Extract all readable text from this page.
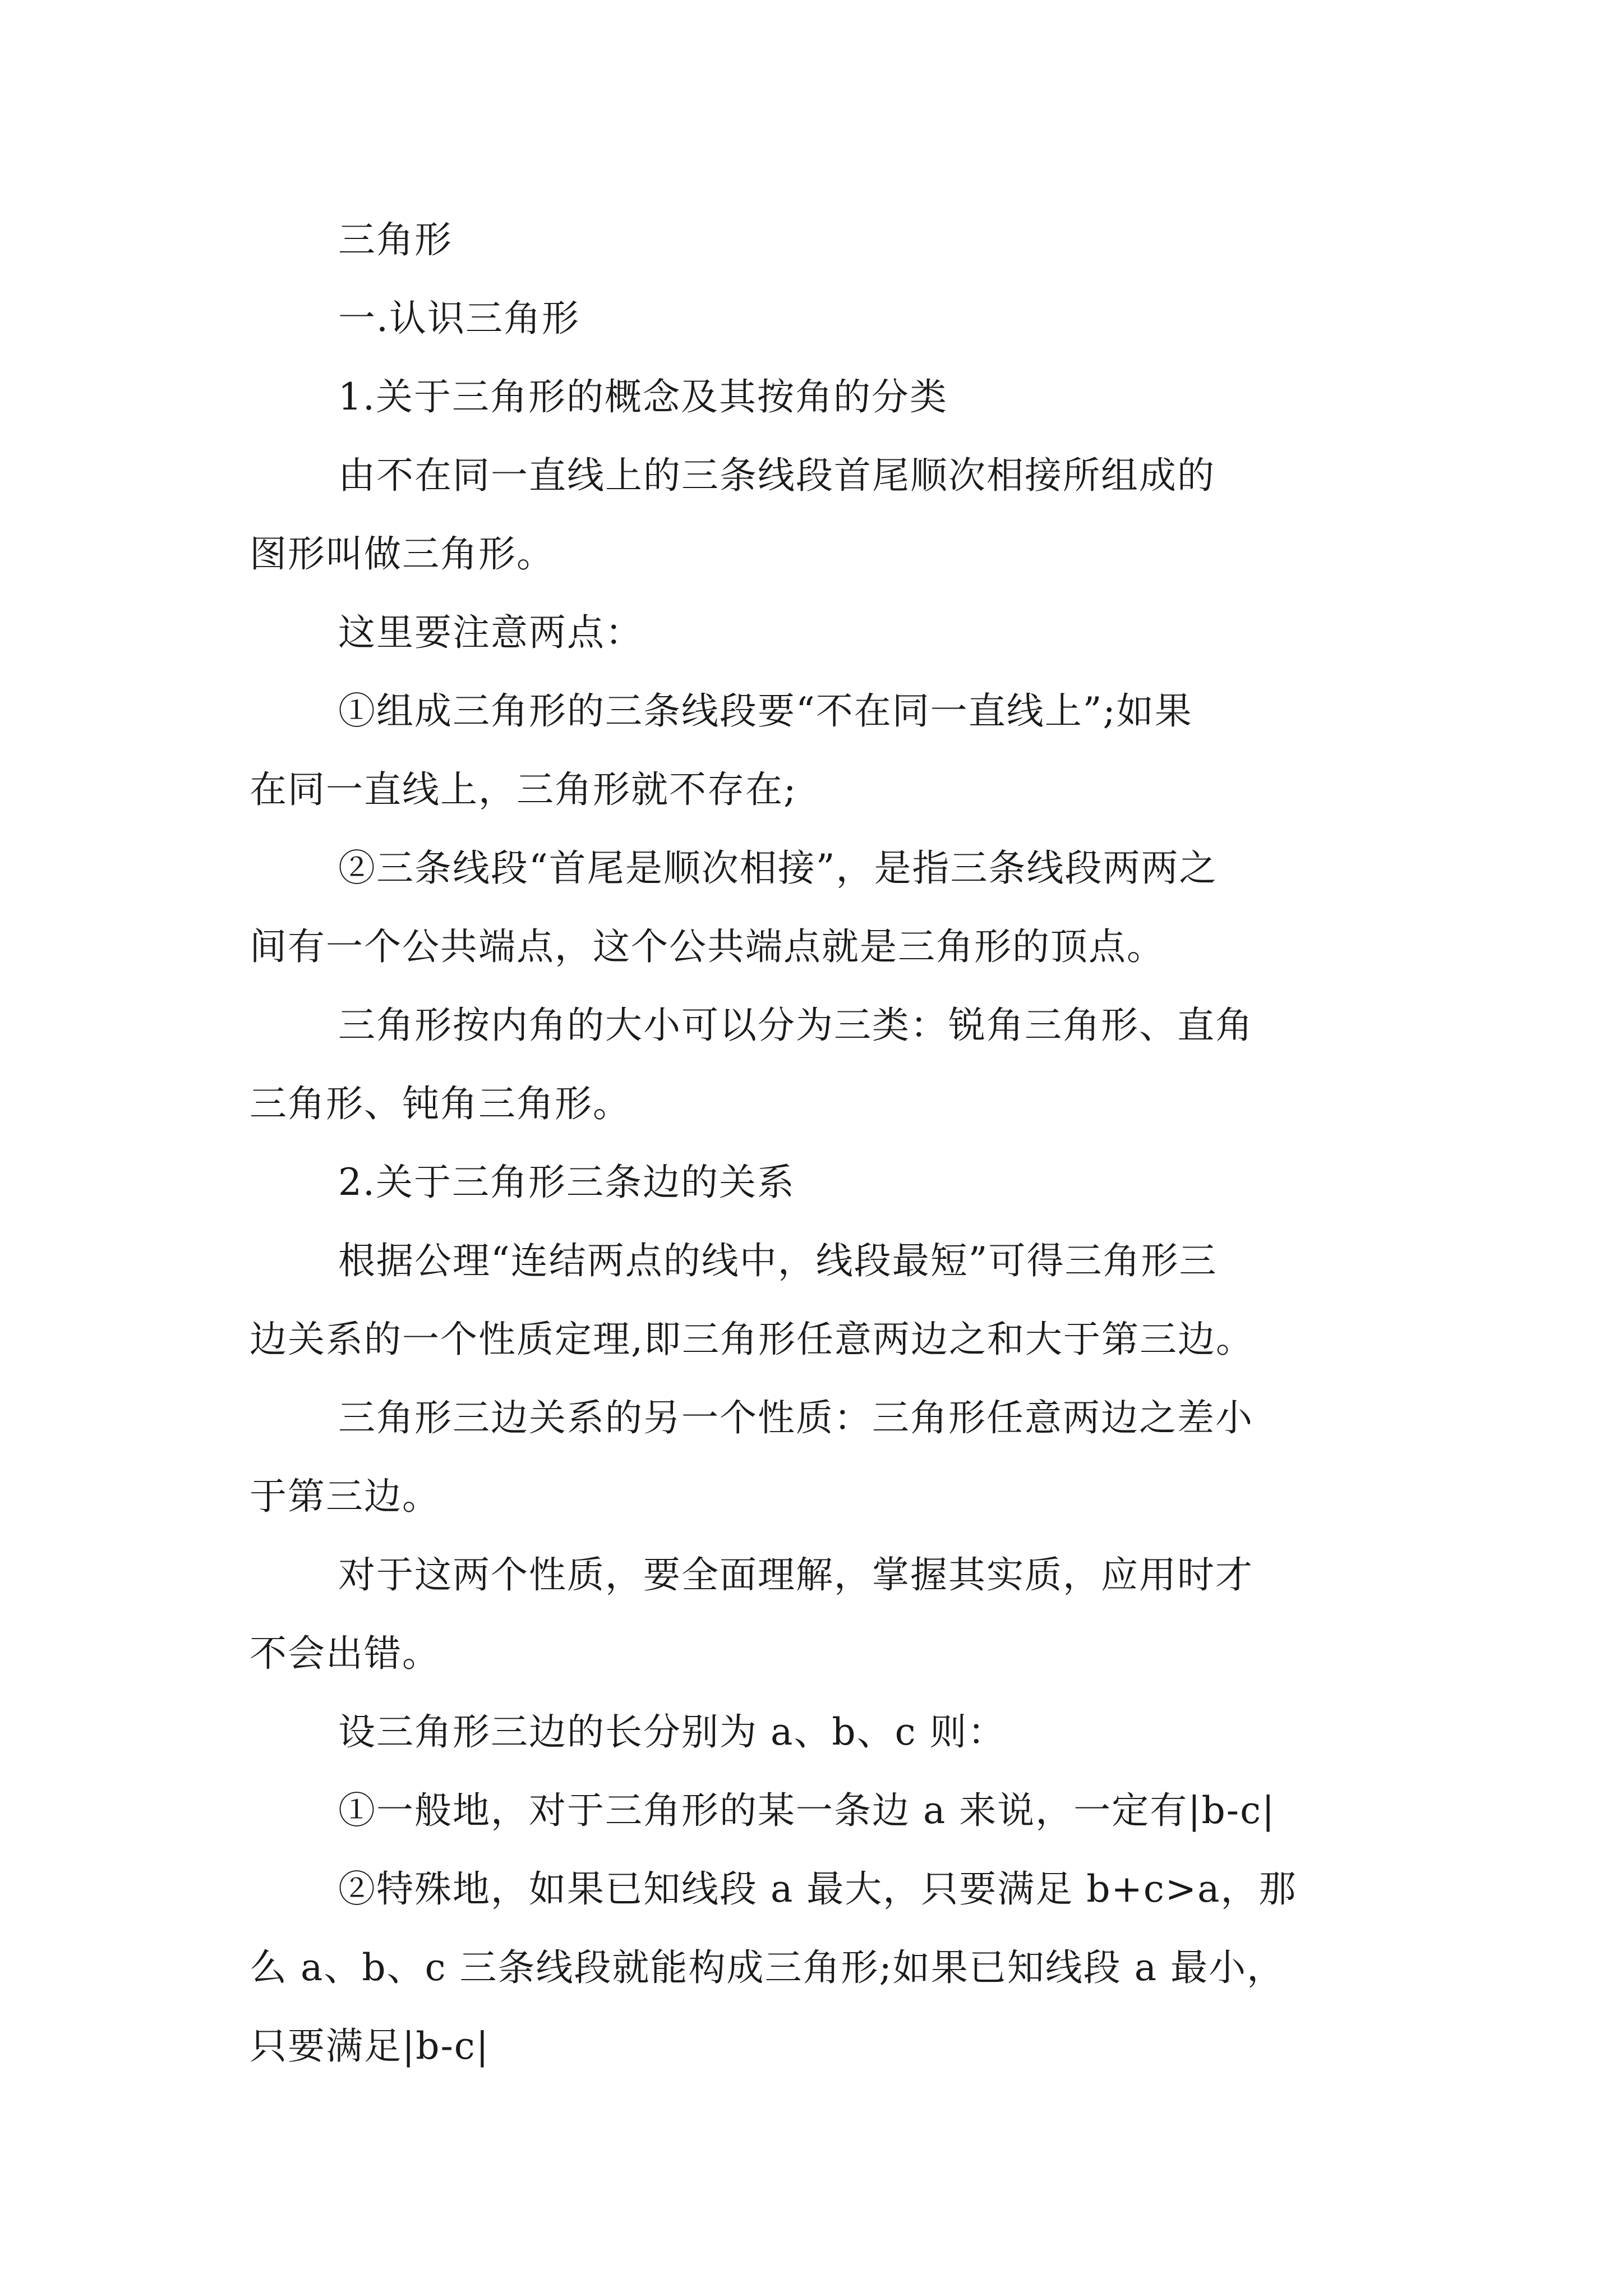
三角形
一.认识三角形
1.关于三角形的概念及其按角的分类
由不在同一直线上的三条线段首尾顺次相接所组成的
图形叫做三角形。
这里要注意两点：
①组成三角形的三条线段要“不在同一直线上”;如果
在同一直线上，三角形就不存在;
②三条线段“首尾是顺次相接”，是指三条线段两两之
间有一个公共端点，这个公共端点就是三角形的顶点。
三角形按内角的大小可以分为三类：锐角三角形、直角
三角形、钝角三角形。
2.关于三角形三条边的关系
根据公理“连结两点的线中，线段最短”可得三角形三
边关系的一个性质定理,即三角形任意两边之和大于第三边。
三角形三边关系的另一个性质：三角形任意两边之差小
于第三边。
对于这两个性质，要全面理解，掌握其实质，应用时才
不会出错。
设三角形三边的长分别为 a、b、c 则：
①一般地，对于三角形的某一条边 a 来说，一定有|b-c|
②特殊地，如果已知线段 a 最大，只要满足 b+c>a，那
么 a、b、c 三条线段就能构成三角形;如果已知线段 a 最小，
只要满足|b-c|
